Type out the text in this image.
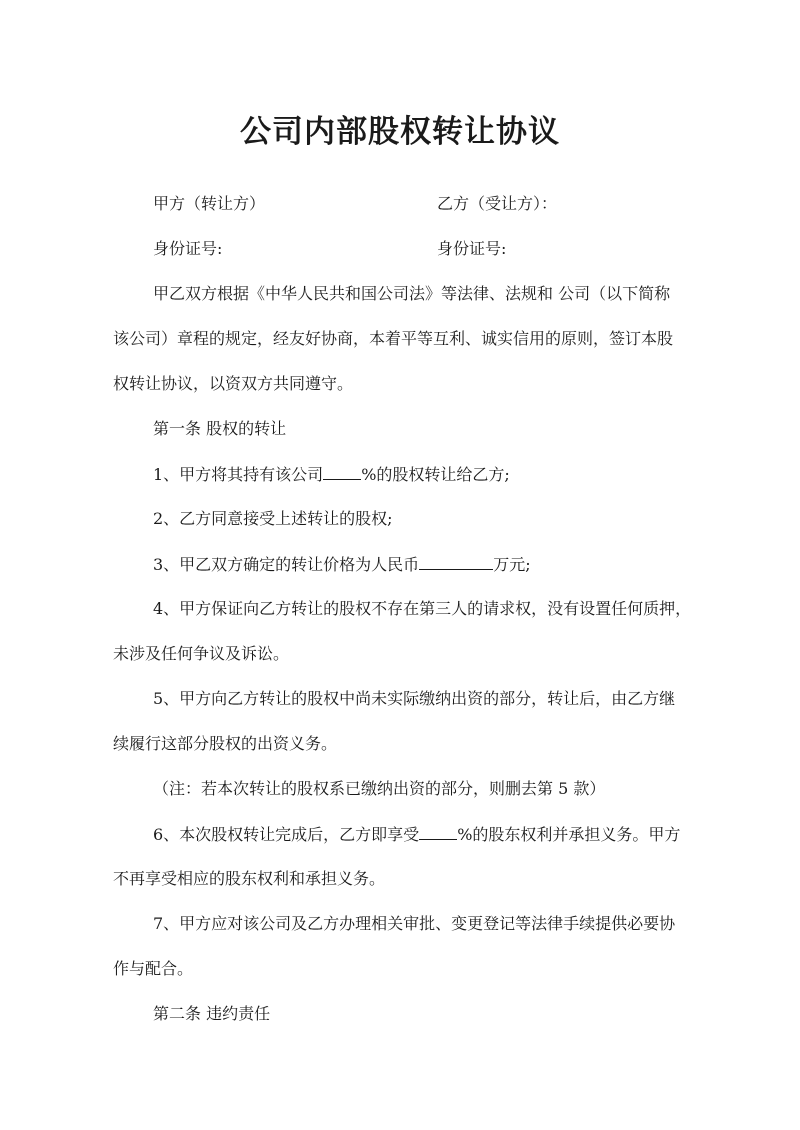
公司内部股权转让协议
甲方（转让方）	乙方（受让方）：
身份证号:	身份证号:
甲乙双方根据《中华人民共和国公司法》等法律、法规和 公司（以下简称
该公司）章程的规定，经友好协商，本着平等互利、诚实信用的原则，签订本股
权转让协议，以资双方共同遵守。
第一条 股权的转让
1、甲方将其持有该公司 %的股权转让给乙方;
2、乙方同意接受上述转让的股权;
3、甲乙双方确定的转让价格为人民币	万元;
4、甲方保证向乙方转让的股权不存在第三人的请求权，没有设置任何质押，
未涉及任何争议及诉讼。
5、甲方向乙方转让的股权中尚未实际缴纳出资的部分，转让后，由乙方继
续履行这部分股权的出资义务。
（注：若本次转让的股权系已缴纳出资的部分，则删去第 5 款）
6、本次股权转让完成后，乙方即享受 %的股东权利并承担义务。甲方
不再享受相应的股东权利和承担义务。
7、甲方应对该公司及乙方办理相关审批、变更登记等法律手续提供必要协
作与配合。
第二条 违约责任
